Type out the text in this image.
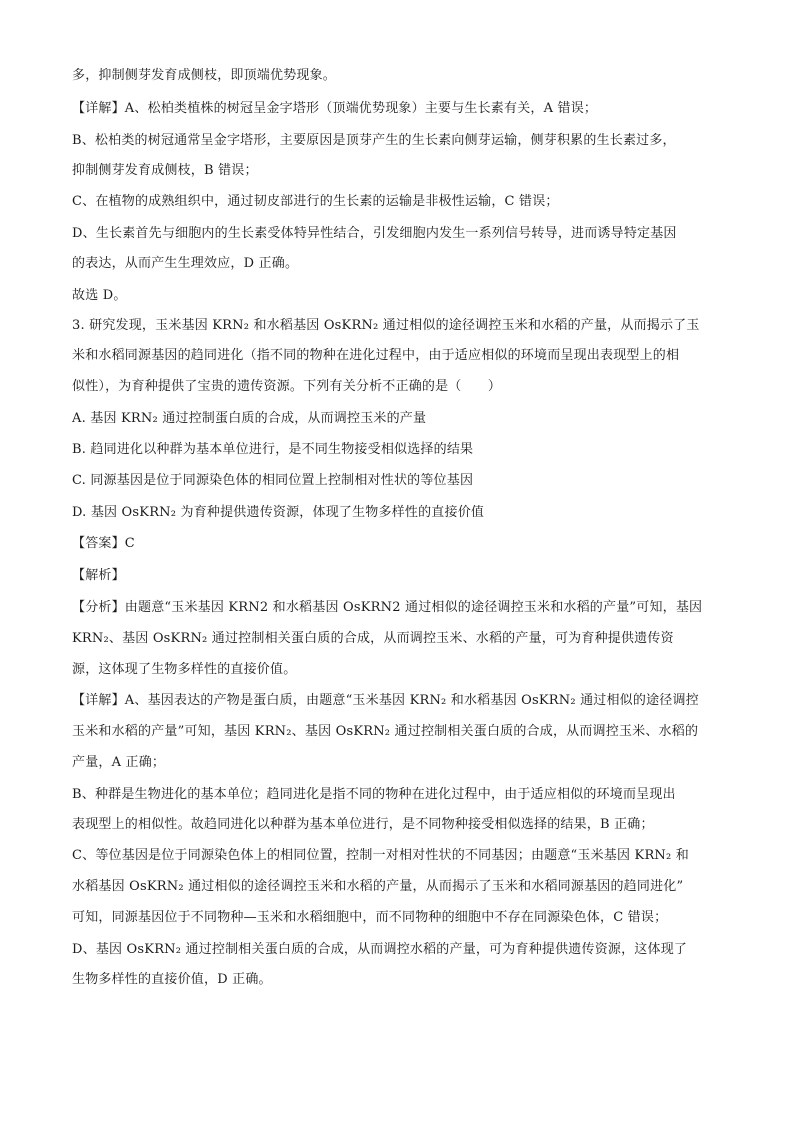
多，抑制侧芽发育成侧枝，即顶端优势现象。
【详解】A、松柏类植株的树冠呈金字塔形（顶端优势现象）主要与生长素有关，A 错误；
B、松柏类的树冠通常呈金字塔形，主要原因是顶芽产生的生长素向侧芽运输，侧芽积累的生长素过多，
抑制侧芽发育成侧枝，B 错误；
C、在植物的成熟组织中，通过韧皮部进行的生长素的运输是非极性运输，C 错误；
D、生长素首先与细胞内的生长素受体特异性结合，引发细胞内发生一系列信号转导，进而诱导特定基因
的表达，从而产生生理效应，D 正确。
故选 D。
3. 研究发现，玉米基因 KRN₂ 和水稻基因 OsKRN₂ 通过相似的途径调控玉米和水稻的产量，从而揭示了玉
米和水稻同源基因的趋同进化（指不同的物种在进化过程中，由于适应相似的环境而呈现出表现型上的相
似性），为育种提供了宝贵的遗传资源。下列有关分析不正确的是（　　）
A. 基因 KRN₂ 通过控制蛋白质的合成，从而调控玉米的产量
B. 趋同进化以种群为基本单位进行，是不同生物接受相似选择的结果
C. 同源基因是位于同源染色体的相同位置上控制相对性状的等位基因
D. 基因 OsKRN₂ 为育种提供遗传资源，体现了生物多样性的直接价值
【答案】C
【解析】
【分析】由题意“玉米基因 KRN2 和水稻基因 OsKRN2 通过相似的途径调控玉米和水稻的产量”可知，基因
KRN₂、基因 OsKRN₂ 通过控制相关蛋白质的合成，从而调控玉米、水稻的产量，可为育种提供遗传资
源，这体现了生物多样性的直接价值。
【详解】A、基因表达的产物是蛋白质，由题意“玉米基因 KRN₂ 和水稻基因 OsKRN₂ 通过相似的途径调控
玉米和水稻的产量”可知，基因 KRN₂、基因 OsKRN₂ 通过控制相关蛋白质的合成，从而调控玉米、水稻的
产量，A 正确；
B、种群是生物进化的基本单位；趋同进化是指不同的物种在进化过程中，由于适应相似的环境而呈现出
表现型上的相似性。故趋同进化以种群为基本单位进行，是不同物种接受相似选择的结果，B 正确；
C、等位基因是位于同源染色体上的相同位置，控制一对相对性状的不同基因；由题意“玉米基因 KRN₂ 和
水稻基因 OsKRN₂ 通过相似的途径调控玉米和水稻的产量，从而揭示了玉米和水稻同源基因的趋同进化”
可知，同源基因位于不同物种—玉米和水稻细胞中，而不同物种的细胞中不存在同源染色体，C 错误；
D、基因 OsKRN₂ 通过控制相关蛋白质的合成，从而调控水稻的产量，可为育种提供遗传资源，这体现了
生物多样性的直接价值，D 正确。
